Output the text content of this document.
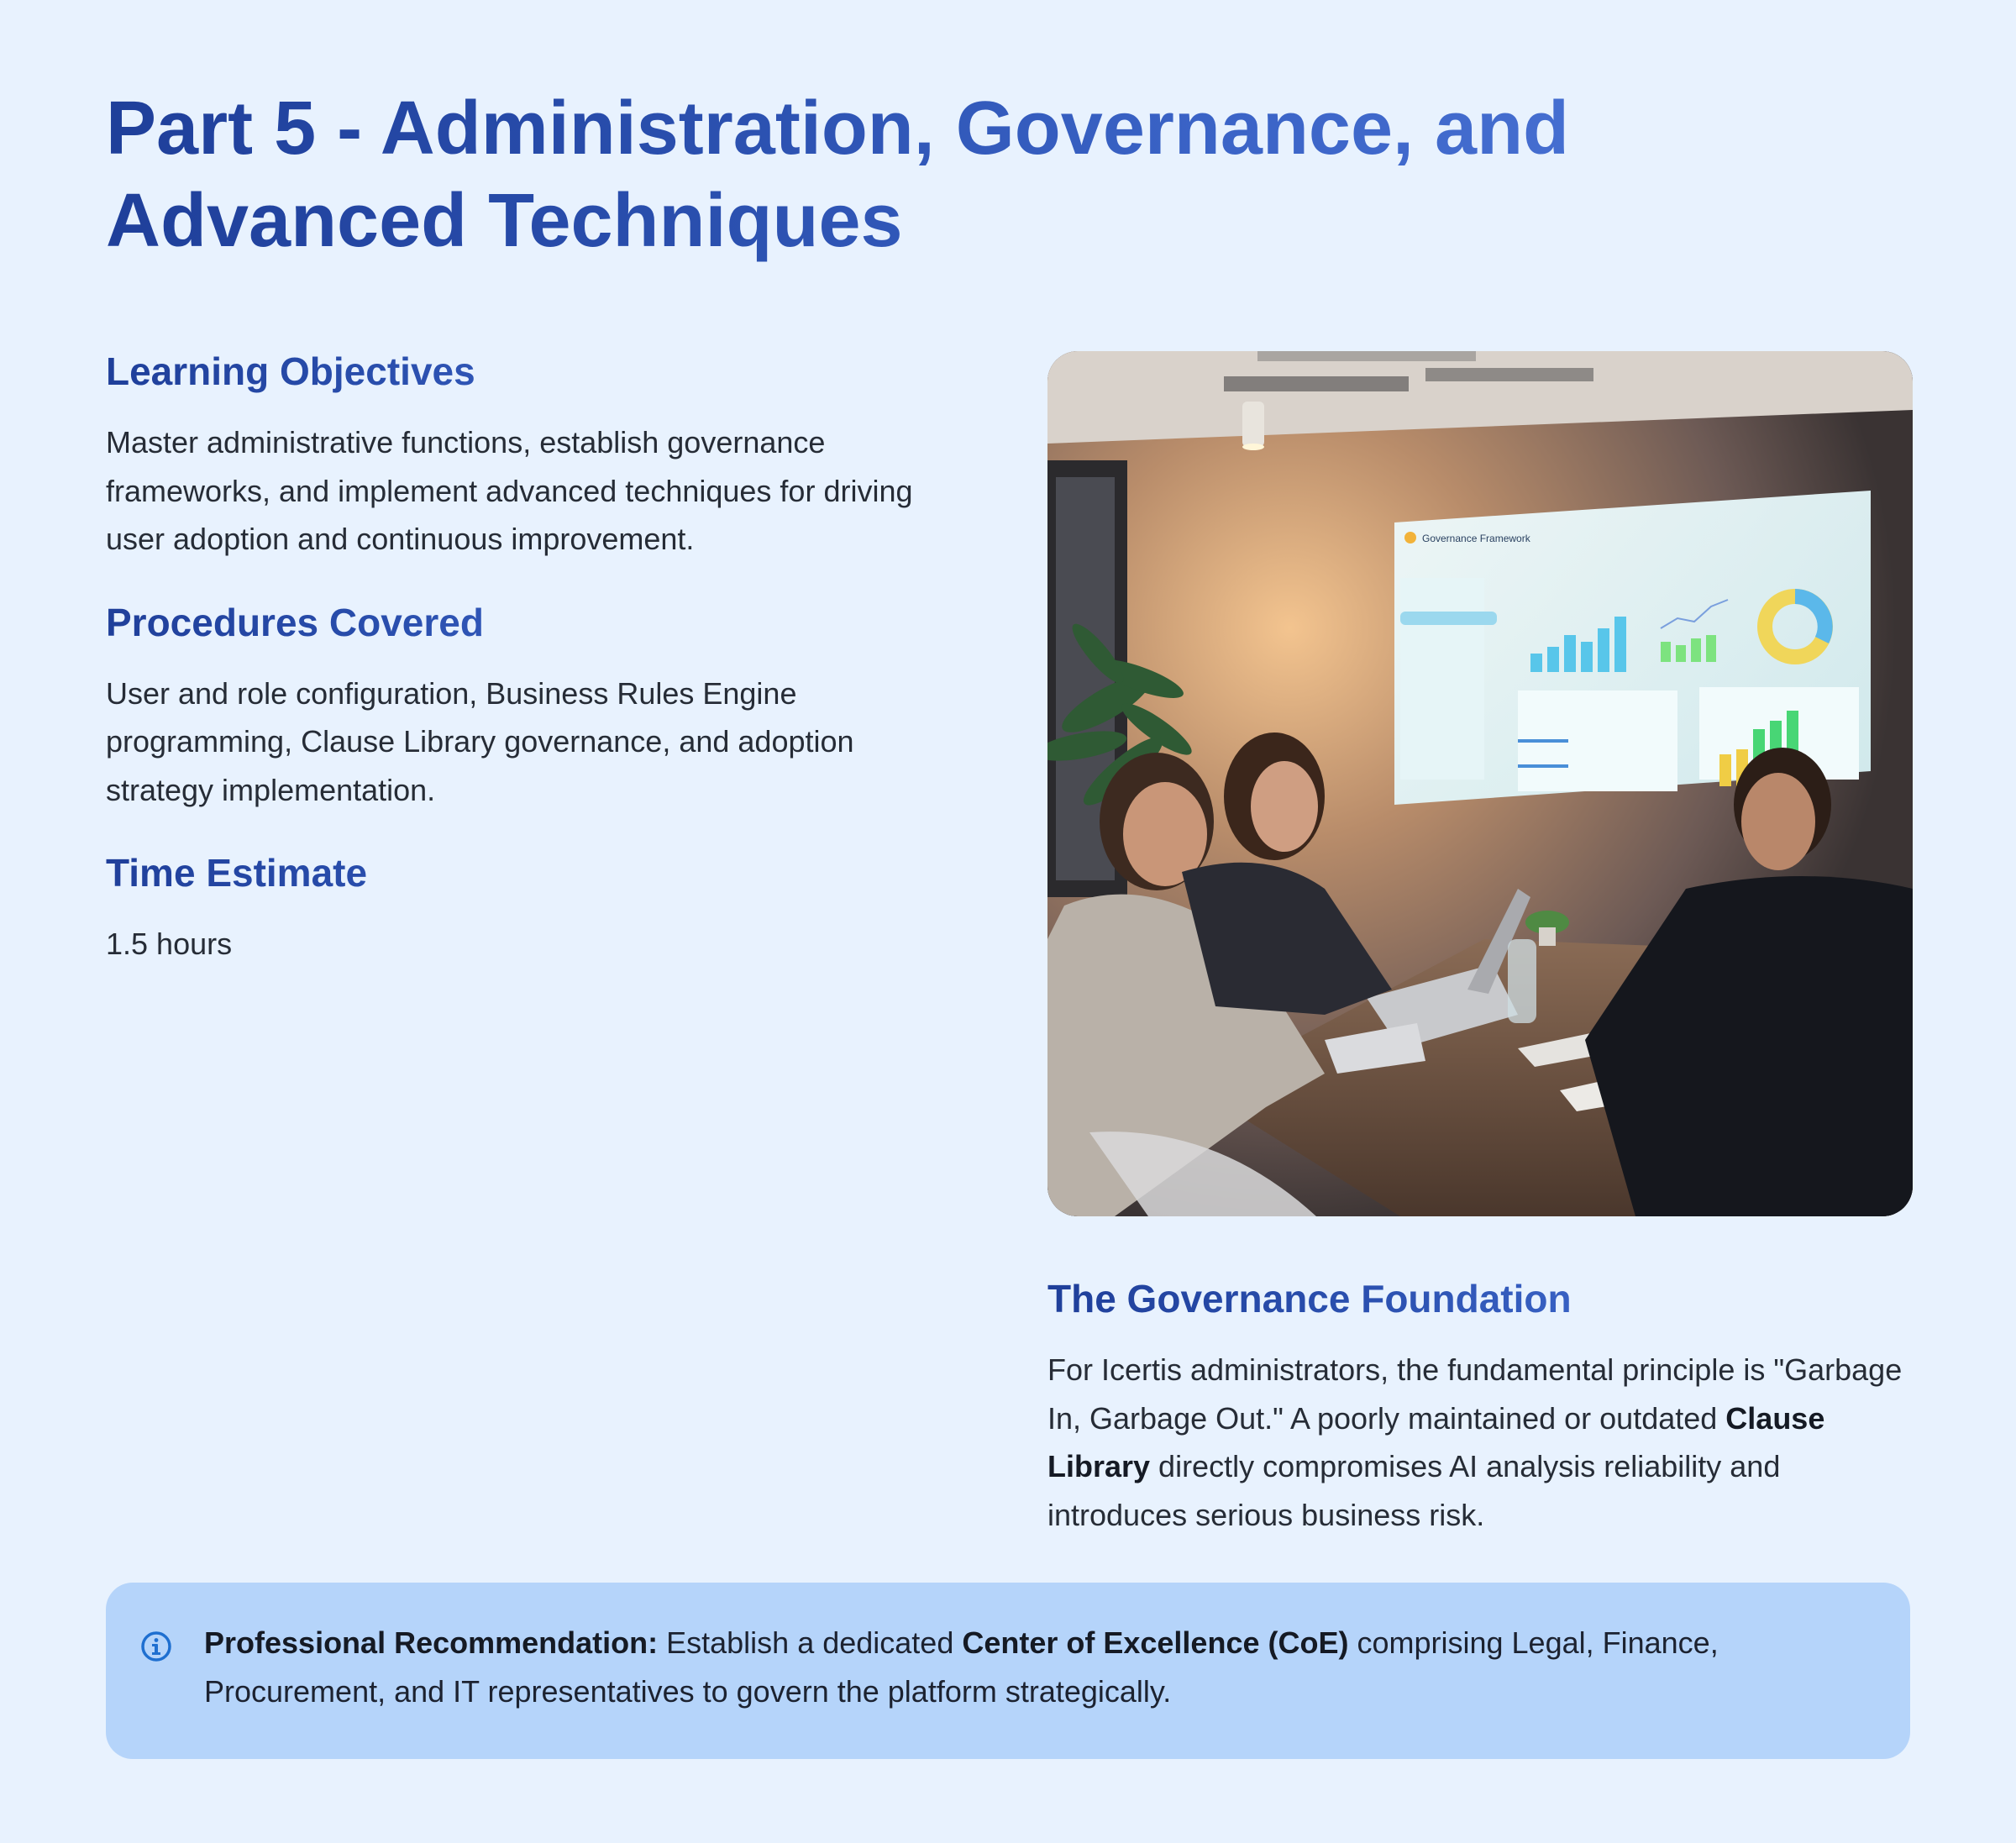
Part 5 - Administration, Governance, and
Advanced Techniques
Learning Objectives

Master administrative functions, establish governance frameworks, and implement advanced techniques for driving user adoption and continuous improvement.

Procedures Covered

User and role configuration, Business Rules Engine programming, Clause Library governance, and adoption strategy implementation.

Time Estimate

1.5 hours

Governance Framework
The Governance Foundation

For Icertis administrators, the fundamental principle is "Garbage In, Garbage Out." A poorly maintained or outdated Clause Library directly compromises AI analysis reliability and introduces serious business risk.

Professional Recommendation: Establish a dedicated Center of Excellence (CoE) comprising Legal, Finance, Procurement, and IT representatives to govern the platform strategically.
